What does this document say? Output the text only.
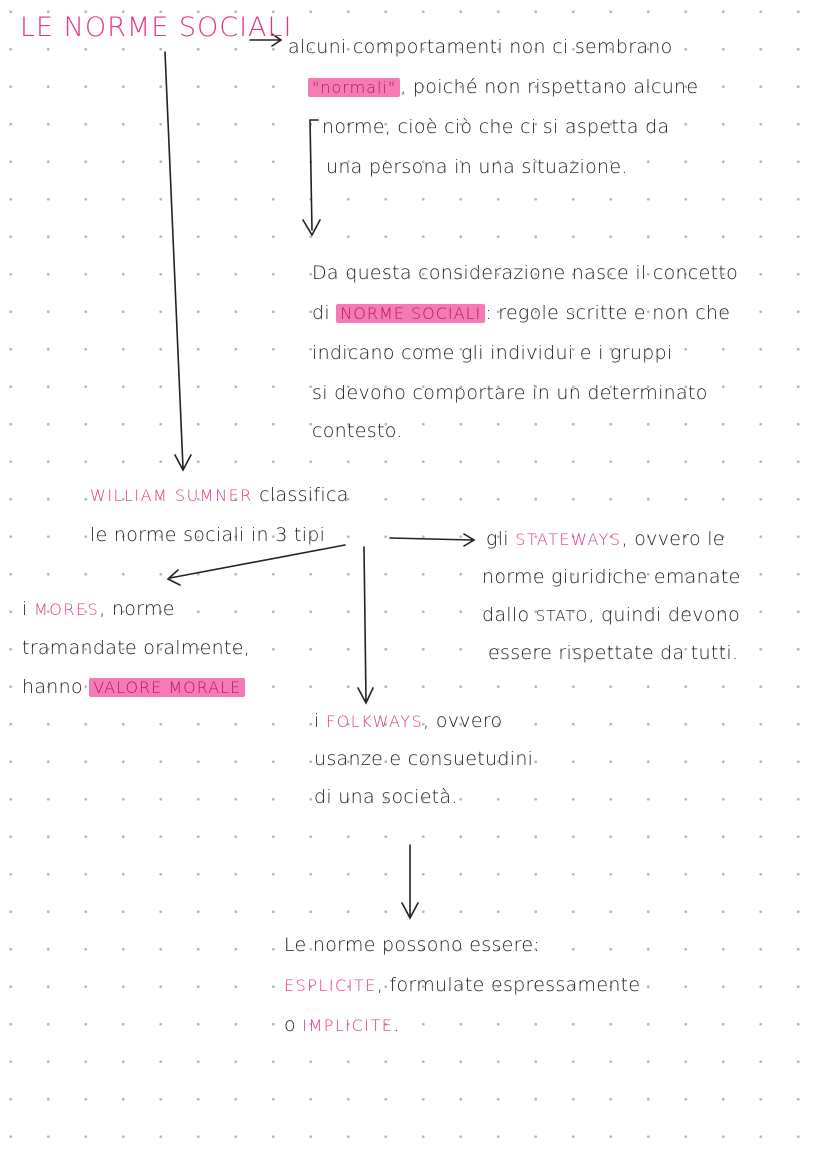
LE NORME SOCIALI
alcuni comportamenti non ci sembrano
"normali" , poiché non rispettano alcune
norme, cioè ciò che ci si aspetta da
una persona in una situazione.
Da questa considerazione nasce il concetto
di NORME SOCIALI : regole scritte e non che
indicano come gli individui e i gruppi
si devono comportare in un determinato
contesto.
WILLIAM SUMNER classifica
le norme sociali in 3 tipi	gli STATEWAYS, ovvero le
norme giuridiche emanate
dallo STATO, quindi devono
essere rispettate da tutti.
i MORES, norme
tramandate oralmente,
hanno VALORE MORALE
i FOLKWAYS, ovvero
usanze e consuetudini
di una società.
Le norme possono essere:
ESPLICITE, formulate espressamente
o IMPLICITE.
